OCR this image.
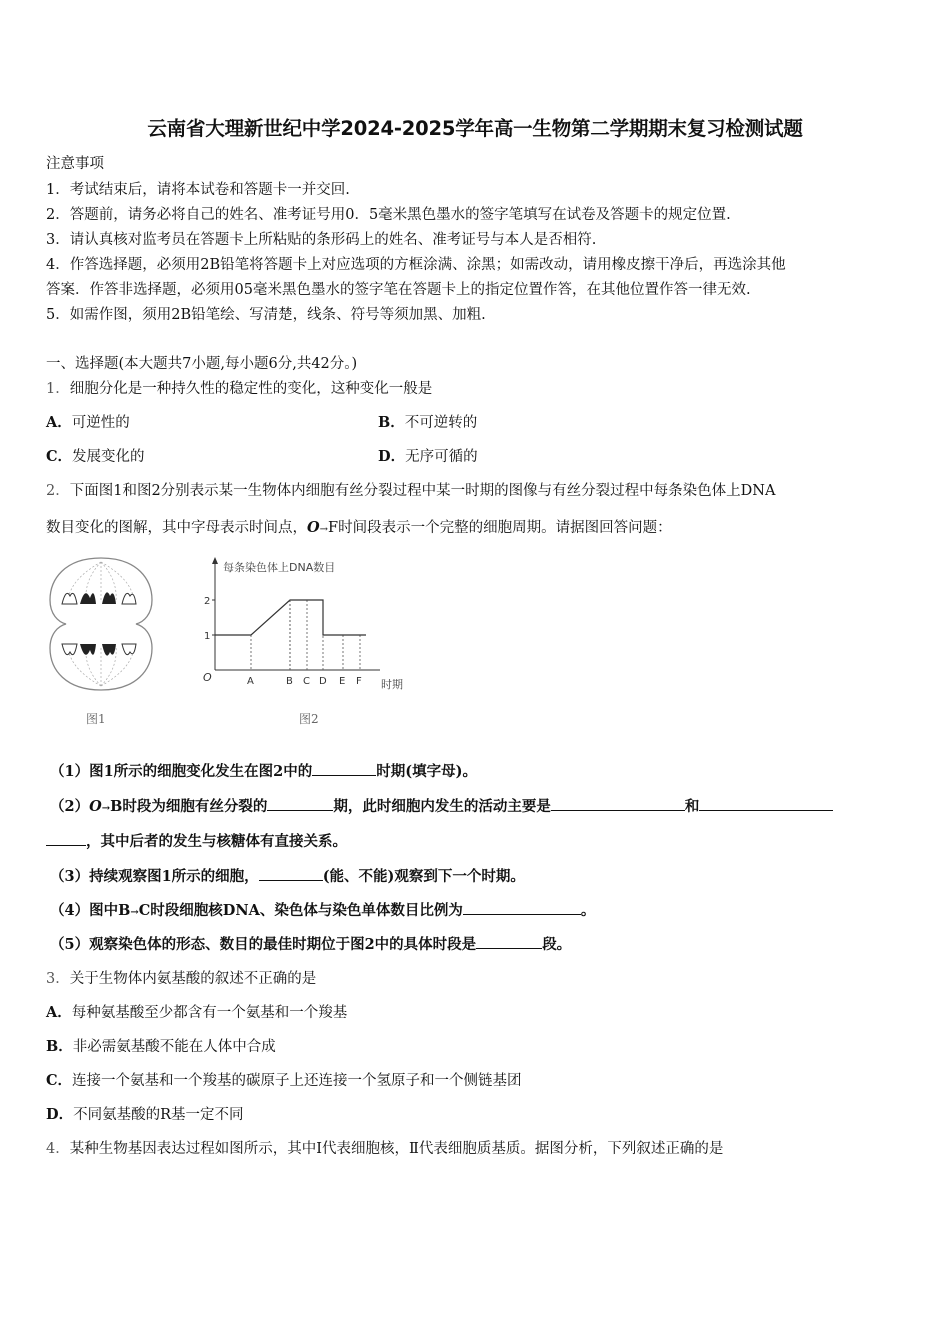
云南省大理新世纪中学2024-2025学年高一生物第二学期期末复习检测试题
注意事项
1．考试结束后，请将本试卷和答题卡一并交回.
2．答题前，请务必将自己的姓名、准考证号用0．5毫米黑色墨水的签字笔填写在试卷及答题卡的规定位置.
3．请认真核对监考员在答题卡上所粘贴的条形码上的姓名、准考证号与本人是否相符.
4．作答选择题，必须用2B铅笔将答题卡上对应选项的方框涂满、涂黑；如需改动，请用橡皮擦干净后，再选涂其他
答案．作答非选择题，必须用05毫米黑色墨水的签字笔在答题卡上的指定位置作答，在其他位置作答一律无效.
5．如需作图，须用2B铅笔绘、写清楚，线条、符号等须加黑、加粗.
一、选择题(本大题共7小题,每小题6分,共42分。)
1．细胞分化是一种持久性的稳定性的变化，这种变化一般是
A．可逆性的	B．不可逆转的
C．发展变化的	D．无序可循的
2．下面图1和图2分别表示某一生物体内细胞有丝分裂过程中某一时期的图像与有丝分裂过程中每条染色体上DNA
数目变化的图解，其中字母表示时间点，O→F时间段表示一个完整的细胞周期。请据图回答问题：
图1
每条染色体上DNA数目
时期
O
1
2
A	B C D E F
图2
（1）图1所示的细胞变化发生在图2中的	时期(填字母)。
（2）O→B时段为细胞有丝分裂的	期，此时细胞内发生的活动主要是	和
，其中后者的发生与核糖体有直接关系。
（3）持续观察图1所示的细胞，	(能、不能)观察到下一个时期。
（4）图中B→C时段细胞核DNA、染色体与染色单体数目比例为	。
（5）观察染色体的形态、数目的最佳时期位于图2中的具体时段是	段。
3．关于生物体内氨基酸的叙述不正确的是
A．每种氨基酸至少都含有一个氨基和一个羧基
B．非必需氨基酸不能在人体中合成
C．连接一个氨基和一个羧基的碳原子上还连接一个氢原子和一个侧链基团
D．不同氨基酸的R基一定不同
4．某种生物基因表达过程如图所示，其中Ⅰ代表细胞核，Ⅱ代表细胞质基质。据图分析，下列叙述正确的是
